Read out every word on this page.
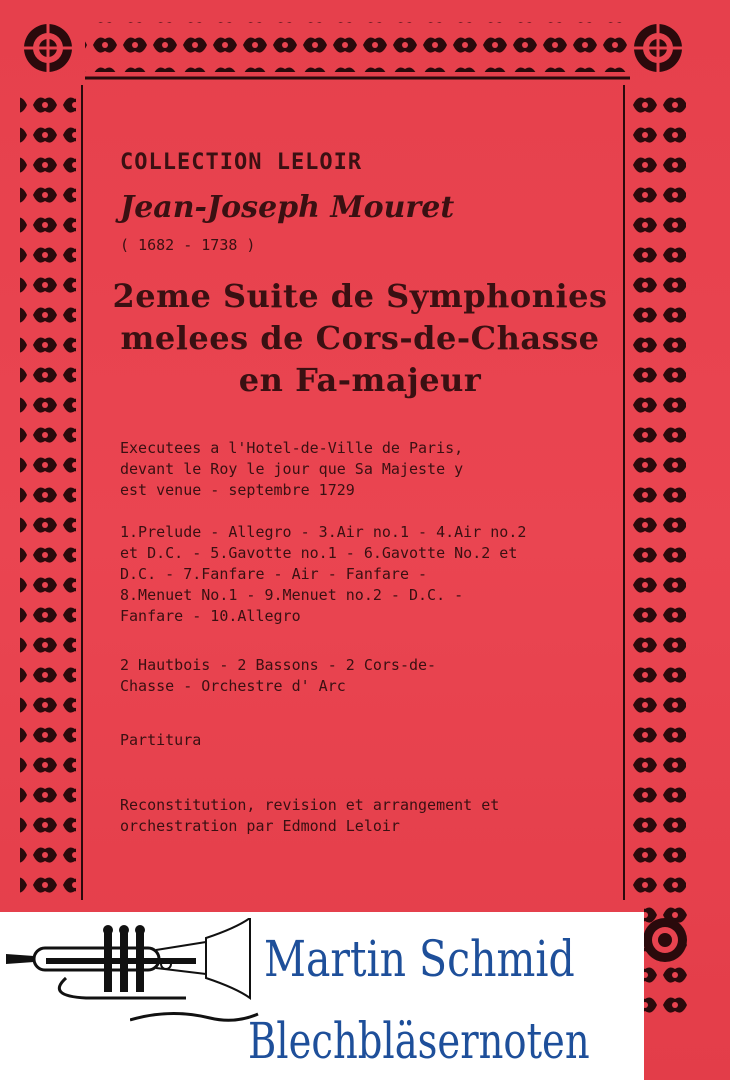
COLLECTION LELOIR
Jean-Joseph Mouret
( 1682 - 1738 )
2eme Suite de Symphonies
melees de Cors-de-Chasse
en Fa-majeur
Executees a l'Hotel-de-Ville de Paris,
devant le Roy le jour que Sa Majeste y
est venue - septembre 1729
1.Prelude - Allegro - 3.Air no.1 - 4.Air no.2
et D.C. - 5.Gavotte no.1 - 6.Gavotte No.2 et
D.C. - 7.Fanfare - Air - Fanfare -
8.Menuet No.1 - 9.Menuet no.2 - D.C. -
Fanfare - 10.Allegro
2 Hautbois - 2 Bassons - 2 Cors-de-
Chasse - Orchestre d' Arc
Partitura
Reconstitution, revision et arrangement et
orchestration par Edmond Leloir
Martin Schmid
Blechbläsernoten
